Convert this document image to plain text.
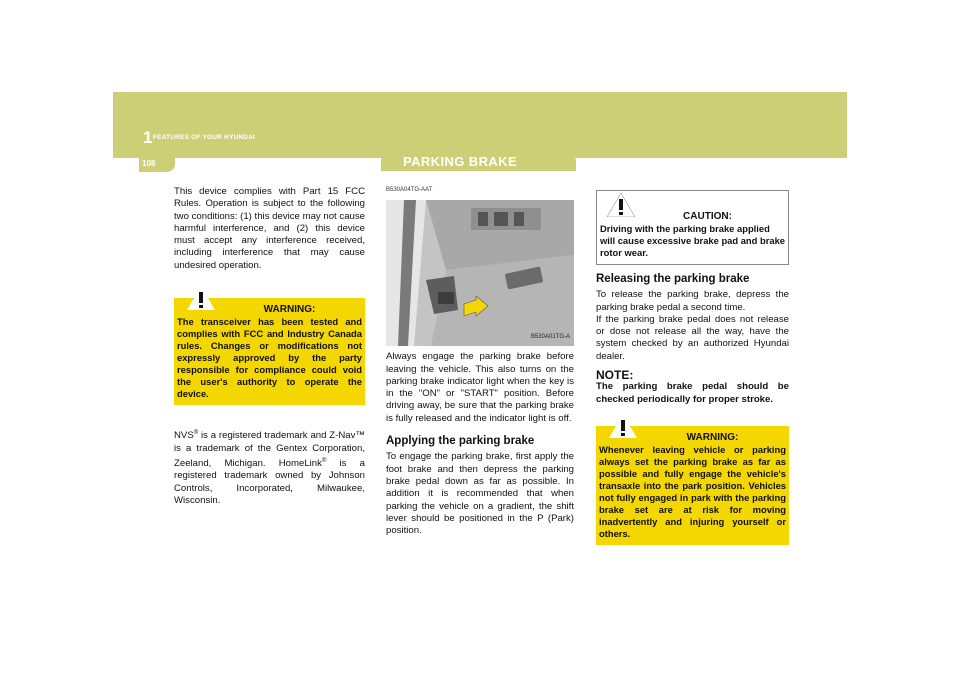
1 FEATURES OF YOUR HYUNDAI
108	PARKING BRAKE

This device complies with Part 15 FCC Rules. Operation is subject to the following two conditions: (1) this device may not cause harmful interference, and (2) this device must accept any interference received, including interference that may cause undesired operation.

WARNING:
The transceiver has been tested and complies with FCC and Industry Canada rules. Changes or modifications not expressly approved by the party responsible for compliance could void the user's authority to operate the device.

NVS® is a registered trademark and Z-Nav™ is a trademark of the Gentex Corporation, Zeeland, Michigan. HomeLink® is a registered trademark owned by Johnson Controls, Incorporated, Milwaukee, Wisconsin.

B530A04TG-AAT
B530A01TG-A

Always engage the parking brake before leaving the vehicle. This also turns on the parking brake indicator light when the key is in the "ON" or "START" position. Before driving away, be sure that the parking brake is fully released and the indicator light is off.

Applying the parking brake

To engage the parking brake, first apply the foot brake and then depress the parking brake pedal down as far as possible. In addition it is recommended that when parking the vehicle on a gradient, the shift lever should be positioned in the P (Park) position.

CAUTION:
Driving with the parking brake applied will cause excessive brake pad and brake rotor wear.
Releasing the parking brake

To release the parking brake, depress the parking brake pedal a second time.

If the parking brake pedal does not release or dose not release all the way, have the system checked by an authorized Hyundai dealer.

NOTE:

The parking brake pedal should be checked periodically for proper stroke.

WARNING:
Whenever leaving vehicle or parking always set the parking brake as far as possible and fully engage the vehicle's transaxle into the park position. Vehicles not fully engaged in park with the parking brake set are at risk for moving inadvertently and injuring yourself or others.
